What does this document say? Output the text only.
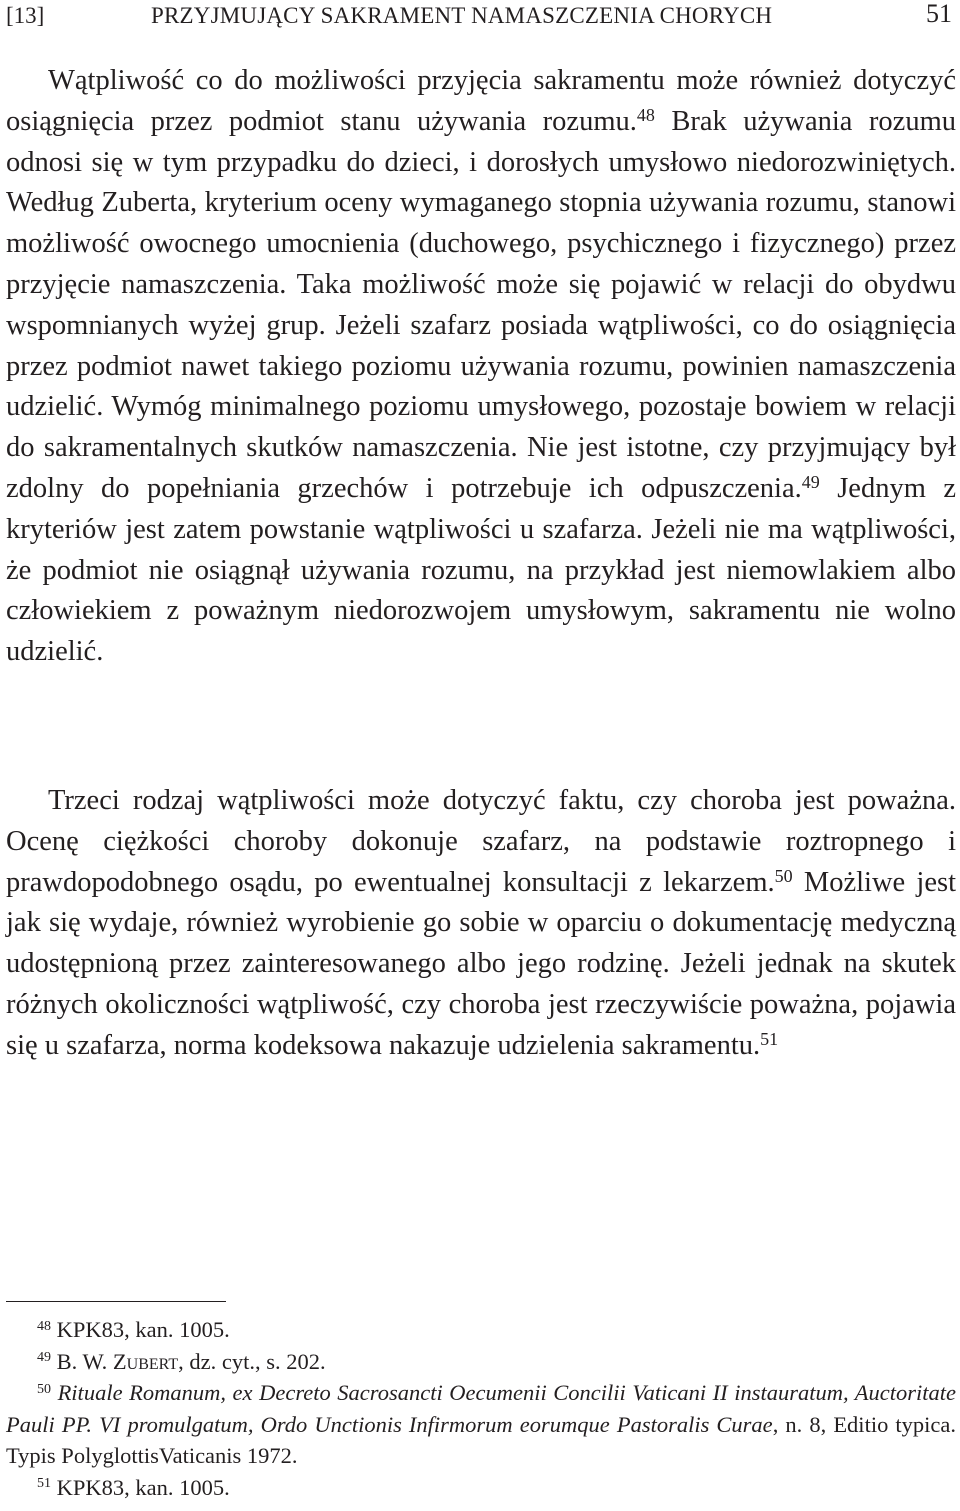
[13]	PRZYJMUJĄCY SAKRAMENT NAMASZCZENIA CHORYCH	51
Wątpliwość co do możliwości przyjęcia sakramentu może również dotyczyć osiągnięcia przez podmiot stanu używania rozumu.$^{48}$ Brak używania rozumu odnosi się w tym przypadku do dzieci, i dorosłych umysłowo niedorozwiniętych. Według Zuberta, kryterium oceny wymaganego stopnia używania rozumu, stanowi możliwość owocnego umocnienia (duchowego, psychicznego i fizycznego) przez przyjęcie namaszczenia. Taka możliwość może się pojawić w relacji do obydwu wspomnianych wyżej grup. Jeżeli szafarz posiada wątpliwości, co do osiągnięcia przez podmiot nawet takiego poziomu używania rozumu, powinien namaszczenia udzielić. Wymóg minimalnego poziomu umysłowego, pozostaje bowiem w relacji do sakramentalnych skutków namaszczenia. Nie jest istotne, czy przyjmujący był zdolny do popełniania grzechów i potrzebuje ich odpuszczenia.$^{49}$ Jednym z kryteriów jest zatem powstanie wątpliwości u szafarza. Jeżeli nie ma wątpliwości, że podmiot nie osiągnął używania rozumu, na przykład jest niemowlakiem albo człowiekiem z poważnym niedorozwojem umysłowym, sakramentu nie wolno udzielić.
Trzeci rodzaj wątpliwości może dotyczyć faktu, czy choroba jest poważna. Ocenę ciężkości choroby dokonuje szafarz, na podstawie roztropnego i prawdopodobnego osądu, po ewentualnej konsultacji z lekarzem.$^{50}$ Możliwe jest jak się wydaje, również wyrobienie go sobie w oparciu o dokumentację medyczną udostępnioną przez zainteresowanego albo jego rodzinę. Jeżeli jednak na skutek różnych okoliczności wątpliwość, czy choroba jest rzeczywiście poważna, pojawia się u szafarza, norma kodeksowa nakazuje udzielenia sakramentu.$^{51}$
$^{48}$ KPK83, kan. 1005.
$^{49}$ B. W. Zubert, dz. cyt., s. 202.
$^{50}$ Rituale Romanum, ex Decreto Sacrosancti Oecumenii Concilii Vaticani II instauratum, Auctoritate Pauli PP. VI promulgatum, Ordo Unctionis Infirmorum eorumque Pastoralis Curae, n. 8, Editio typica. Typis PolyglottisVaticanis 1972.
$^{51}$ KPK83, kan. 1005.
